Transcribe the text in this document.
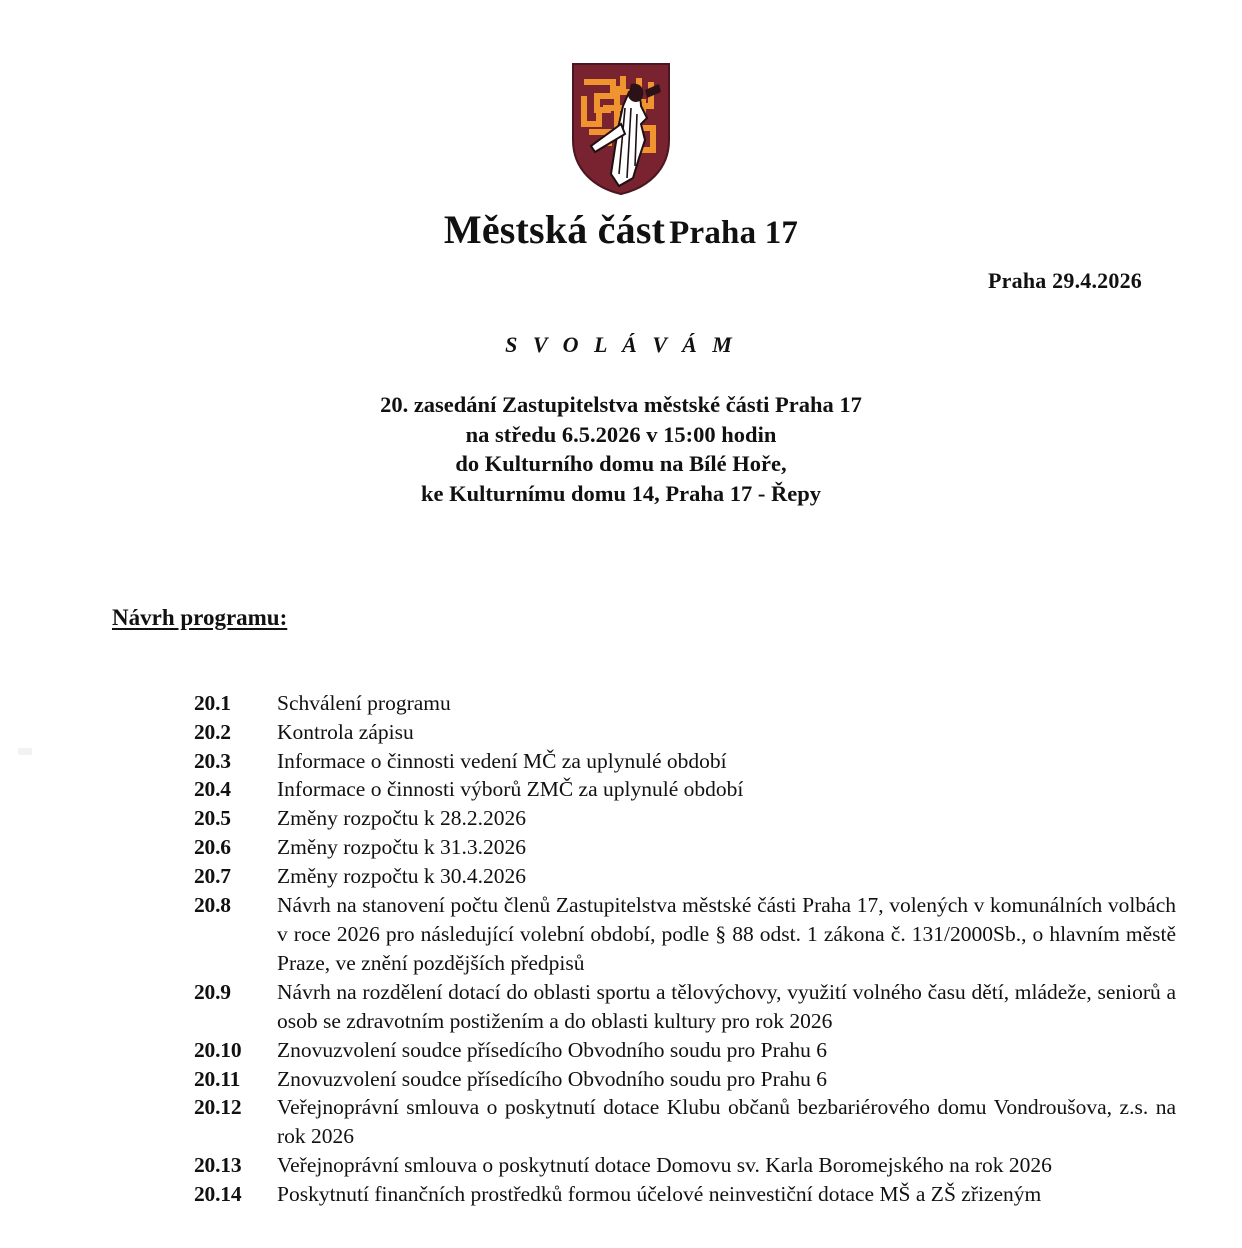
Městská část Praha 17
Praha 29.4.2026
S V O L Á V Á M
20. zasedání Zastupitelstva městské části Praha 17
na středu 6.5.2026 v 15:00 hodin
do Kulturního domu na Bílé Hoře,
ke Kulturnímu domu 14, Praha 17 - Řepy
Návrh programu:
20.1	Schválení programu
20.2	Kontrola zápisu
20.3	Informace o činnosti vedení MČ za uplynulé období
20.4	Informace o činnosti výborů ZMČ za uplynulé období
20.5	Změny rozpočtu k 28.2.2026
20.6	Změny rozpočtu k 31.3.2026
20.7	Změny rozpočtu k 30.4.2026
20.8	Návrh na stanovení počtu členů Zastupitelstva městské části Praha 17, volených v komunálních volbách v roce 2026 pro následující volební období, podle § 88 odst. 1 zákona č. 131/2000Sb., o hlavním městě Praze, ve znění pozdějších předpisů
20.9	Návrh na rozdělení dotací do oblasti sportu a tělovýchovy, využití volného času dětí, mládeže, seniorů a osob se zdravotním postižením a do oblasti kultury pro rok 2026
20.10	Znovuzvolení soudce přísedícího Obvodního soudu pro Prahu 6
20.11	Znovuzvolení soudce přísedícího Obvodního soudu pro Prahu 6
20.12	Veřejnoprávní smlouva o poskytnutí dotace Klubu občanů bezbariérového domu Vondroušova, z.s. na rok 2026
20.13	Veřejnoprávní smlouva o poskytnutí dotace Domovu sv. Karla Boromejského na rok 2026
20.14	Poskytnutí finančních prostředků formou účelové neinvestiční dotace MŠ a ZŠ zřizeným
